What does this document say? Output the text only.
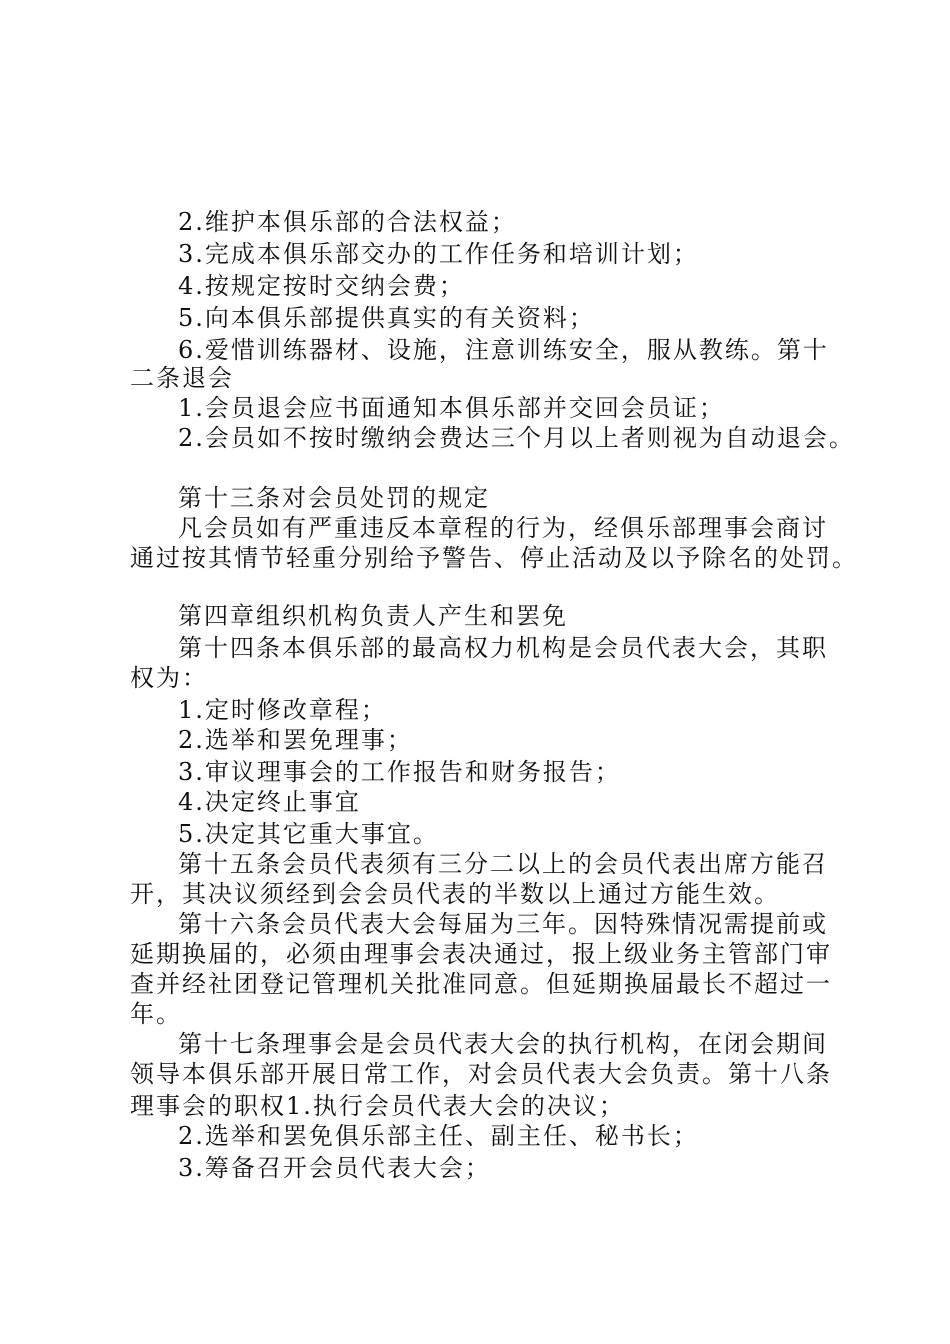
2.维护本俱乐部的合法权益；
3.完成本俱乐部交办的工作任务和培训计划；
4.按规定按时交纳会费；
5.向本俱乐部提供真实的有关资料；
6.爱惜训练器材、设施，注意训练安全，服从教练。第十
二条退会
1.会员退会应书面通知本俱乐部并交回会员证；
2.会员如不按时缴纳会费达三个月以上者则视为自动退会。
第十三条对会员处罚的规定
凡会员如有严重违反本章程的行为，经俱乐部理事会商讨
通过按其情节轻重分别给予警告、停止活动及以予除名的处罚。
第四章组织机构负责人产生和罢免
第十四条本俱乐部的最高权力机构是会员代表大会，其职
权为：
1.定时修改章程；
2.选举和罢免理事；
3.审议理事会的工作报告和财务报告；
4.决定终止事宜
5.决定其它重大事宜。
第十五条会员代表须有三分二以上的会员代表出席方能召
开，其决议须经到会会员代表的半数以上通过方能生效。
第十六条会员代表大会每届为三年。因特殊情况需提前或
延期换届的，必须由理事会表决通过，报上级业务主管部门审
查并经社团登记管理机关批准同意。但延期换届最长不超过一
年。
第十七条理事会是会员代表大会的执行机构，在闭会期间
领导本俱乐部开展日常工作，对会员代表大会负责。第十八条
理事会的职权1.执行会员代表大会的决议；
2.选举和罢免俱乐部主任、副主任、秘书长；
3.筹备召开会员代表大会；
